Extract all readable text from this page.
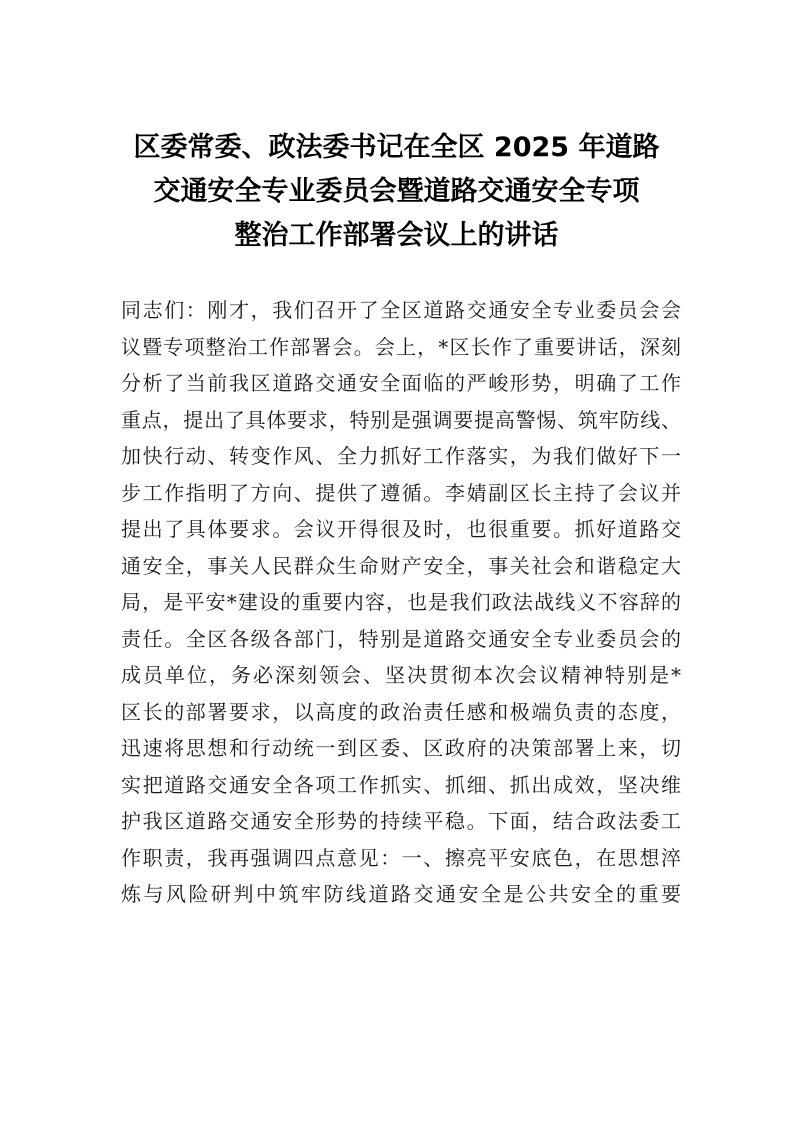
区委常委、政法委书记在全区 2025 年道路
交通安全专业委员会暨道路交通安全专项
整治工作部署会议上的讲话
同志们：刚才，我们召开了全区道路交通安全专业委员会会
议暨专项整治工作部署会。会上，*区长作了重要讲话，深刻
分析了当前我区道路交通安全面临的严峻形势，明确了工作
重点，提出了具体要求，特别是强调要提高警惕、筑牢防线、
加快行动、转变作风、全力抓好工作落实，为我们做好下一
步工作指明了方向、提供了遵循。李婧副区长主持了会议并
提出了具体要求。会议开得很及时，也很重要。抓好道路交
通安全，事关人民群众生命财产安全，事关社会和谐稳定大
局，是平安*建设的重要内容，也是我们政法战线义不容辞的
责任。全区各级各部门，特别是道路交通安全专业委员会的
成员单位，务必深刻领会、坚决贯彻本次会议精神特别是*
区长的部署要求，以高度的政治责任感和极端负责的态度，
迅速将思想和行动统一到区委、区政府的决策部署上来，切
实把道路交通安全各项工作抓实、抓细、抓出成效，坚决维
护我区道路交通安全形势的持续平稳。下面，结合政法委工
作职责，我再强调四点意见：一、擦亮平安底色，在思想淬
炼与风险研判中筑牢防线道路交通安全是公共安全的重要
